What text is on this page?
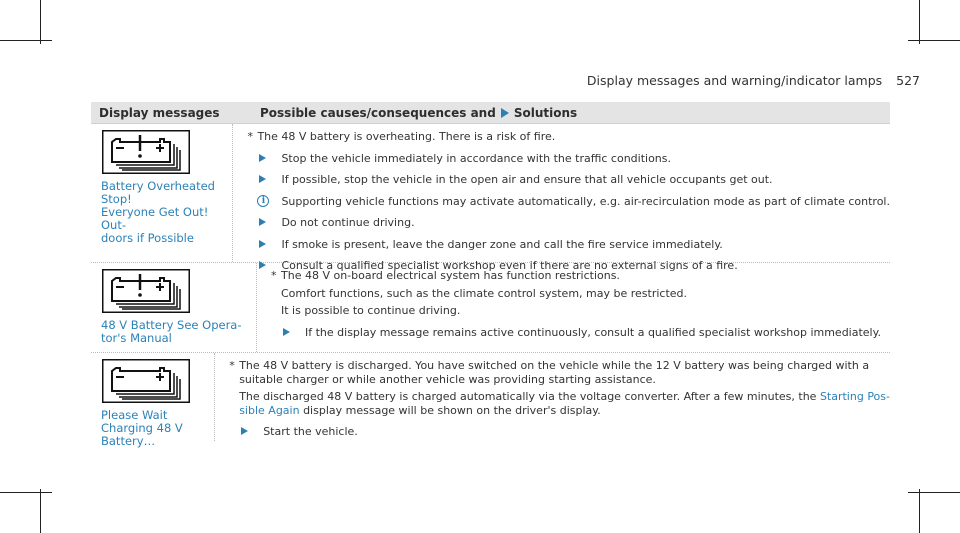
Display messages and warning/indicator lamps 527
Display messages	Possible causes/consequences and Solutions
Battery Overheated Stop!
Everyone Get Out! Out-
doors if Possible
* The 48 V battery is overheating. There is a risk of fire.
Stop the vehicle immediately in accordance with the traffic conditions.
If possible, stop the vehicle in the open air and ensure that all vehicle occupants get out.
i	Supporting vehicle functions may activate automatically, e.g. air-recirculation mode as part of climate control.
Do not continue driving.
If smoke is present, leave the danger zone and call the fire service immediately.
Consult a qualified specialist workshop even if there are no external signs of a fire.
48 V Battery See Opera-
tor's Manual
* The 48 V on-board electrical system has function restrictions.
Comfort functions, such as the climate control system, may be restricted.
It is possible to continue driving.
If the display message remains active continuously, consult a qualified specialist workshop immediately.
Please Wait Charging 48 V
Battery…
* The 48 V battery is discharged. You have switched on the vehicle while the 12 V battery was being charged with a
suitable charger or while another vehicle was providing starting assistance.
The discharged 48 V battery is charged automatically via the voltage converter. After a few minutes, the Starting Pos-
sible Again display message will be shown on the driver's display.
Start the vehicle.
